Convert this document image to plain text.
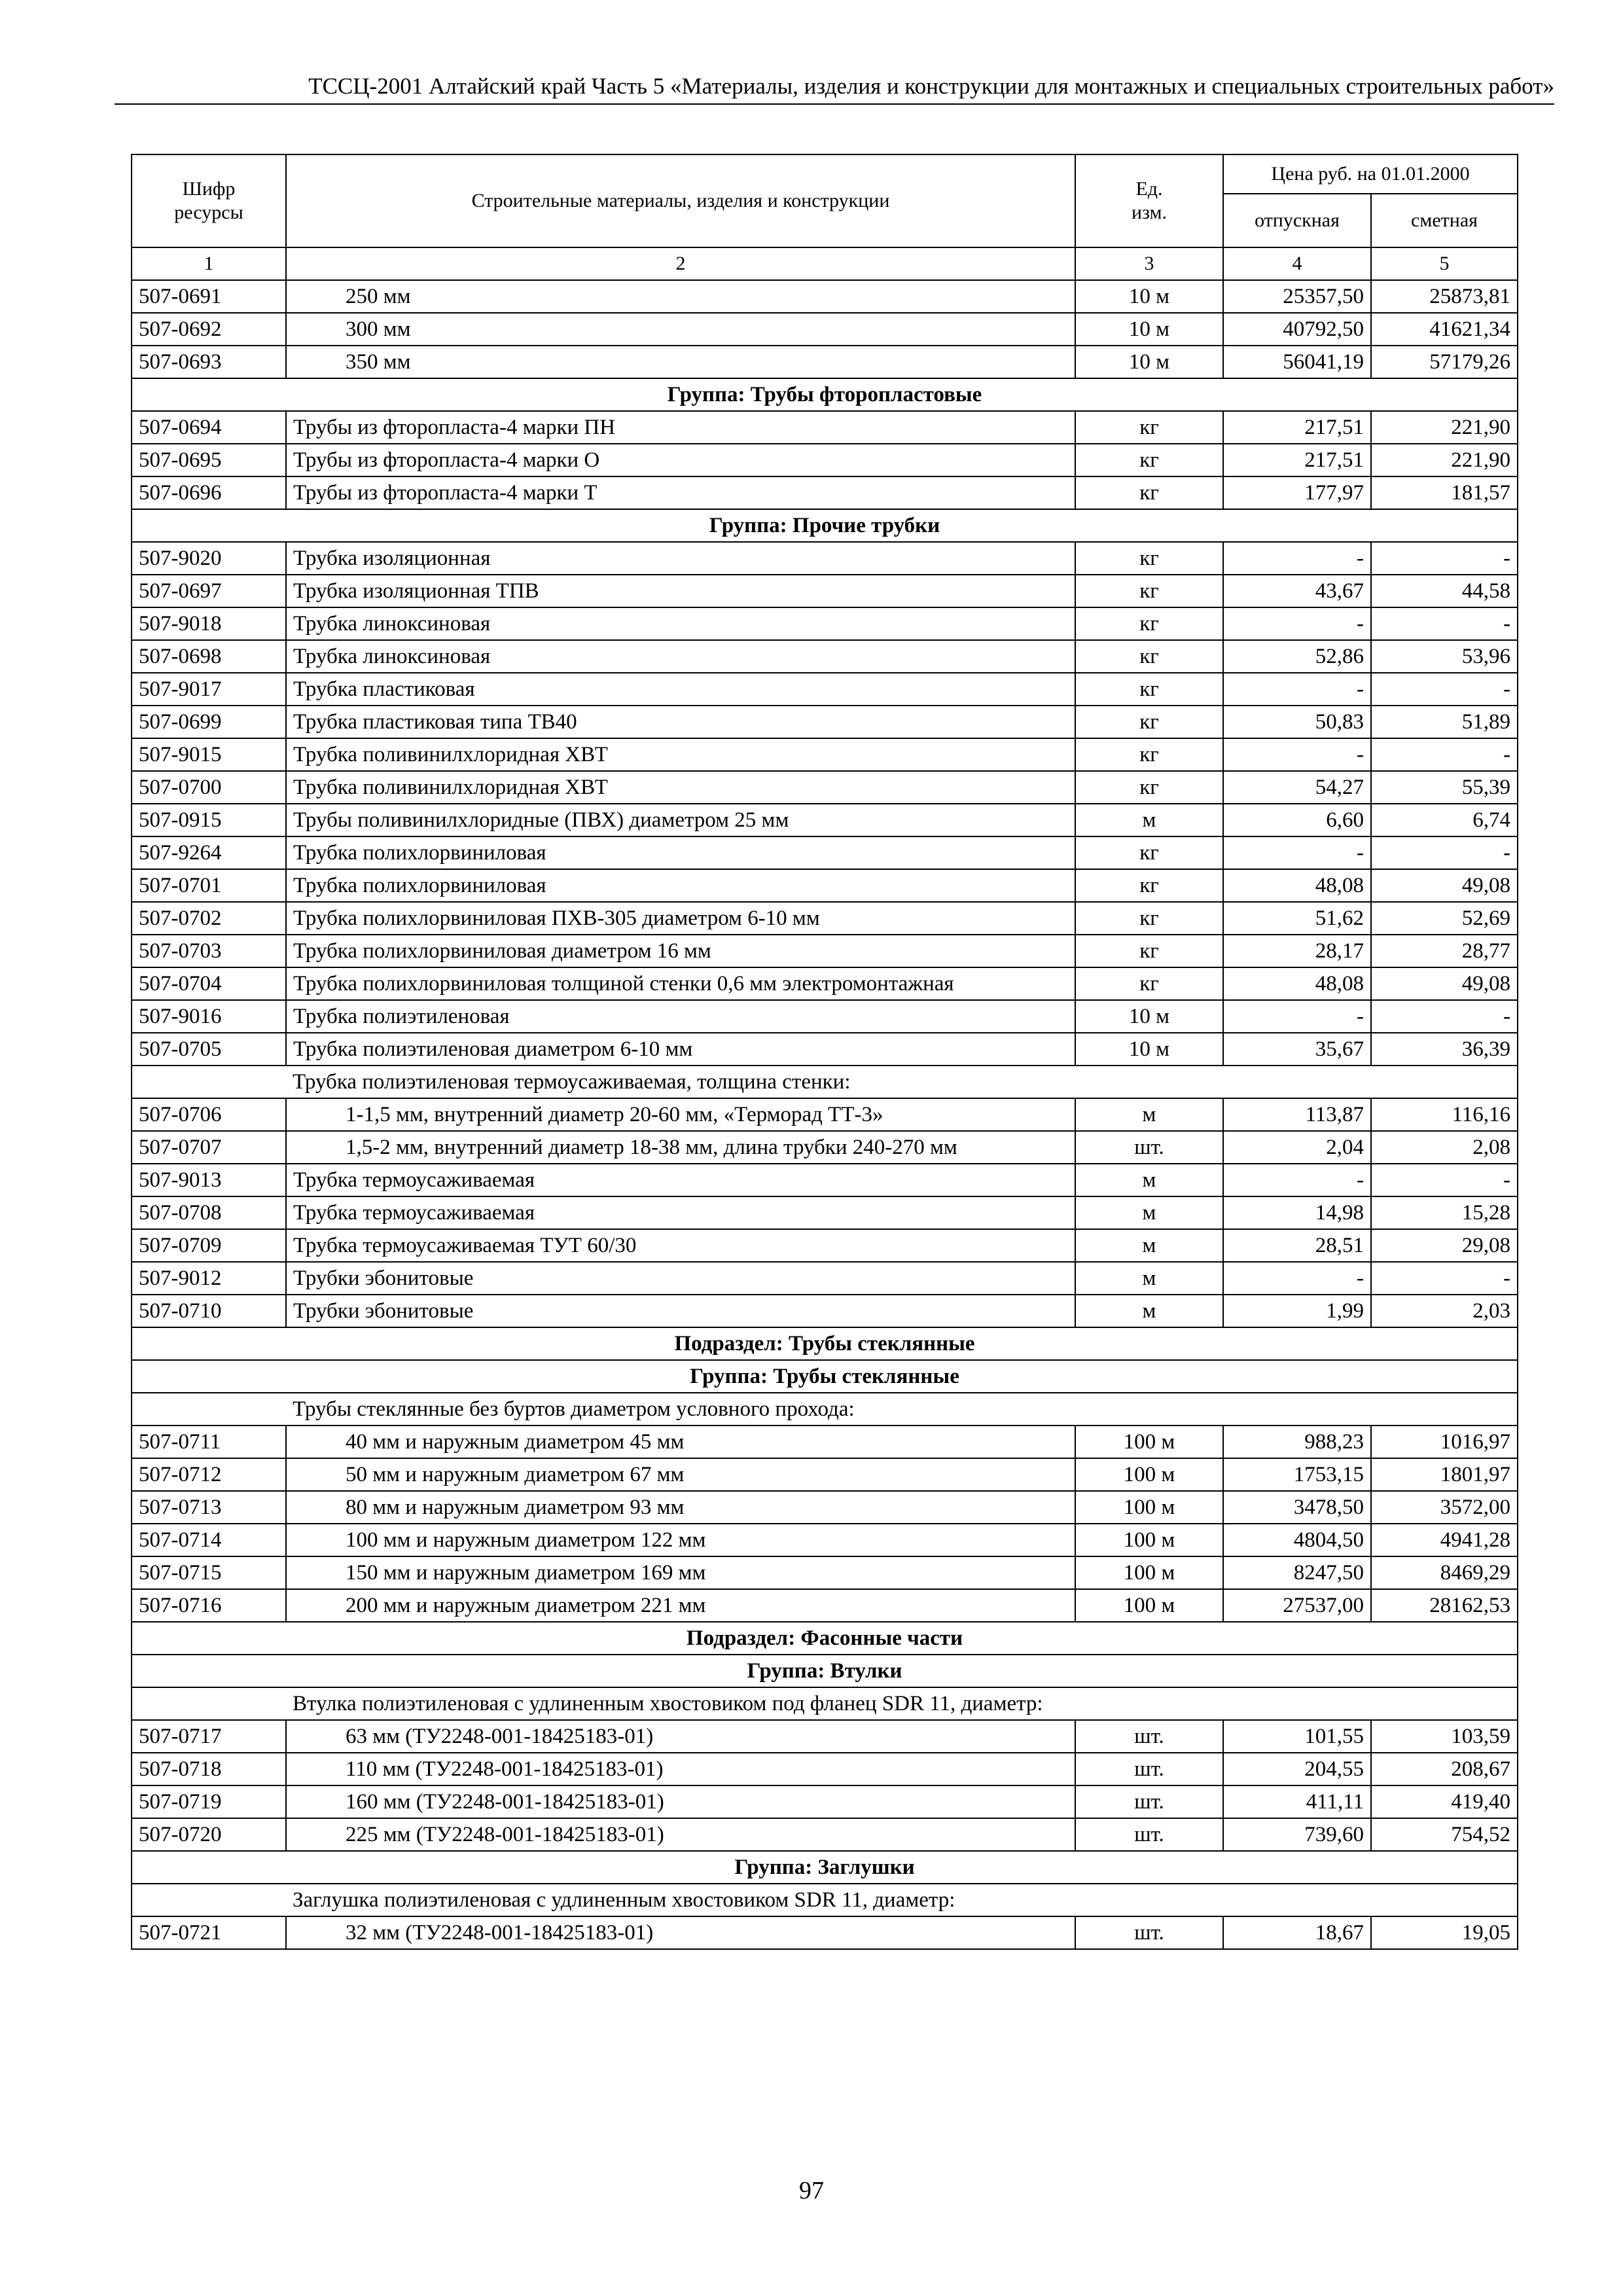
ТССЦ-2001 Алтайский край Часть 5 «Материалы, изделия и конструкции для монтажных и специальных строительных работ»
Шифр ресурсы	Строительные материалы, изделия и конструкции	Ед. изм.	Цена руб. на 01.01.2000	
			отпускная	сметная
1	2	3	4	5
507-0691	250 мм	10 м	25357,50	25873,81
507-0692	300 мм	10 м	40792,50	41621,34
507-0693	350 мм	10 м	56041,19	57179,26
Группа: Трубы фторопластовые				
507-0694	Трубы из фторопласта-4 марки ПН	кг	217,51	221,90
507-0695	Трубы из фторопласта-4 марки О	кг	217,51	221,90
507-0696	Трубы из фторопласта-4 марки Т	кг	177,97	181,57
Группа: Прочие трубки				
507-9020	Трубка изоляционная	кг	-	-
507-0697	Трубка изоляционная ТПВ	кг	43,67	44,58
507-9018	Трубка линоксиновая	кг	-	-
507-0698	Трубка линоксиновая	кг	52,86	53,96
507-9017	Трубка пластиковая	кг	-	-
507-0699	Трубка пластиковая типа ТВ40	кг	50,83	51,89
507-9015	Трубка поливинилхлоридная ХВТ	кг	-	-
507-0700	Трубка поливинилхлоридная ХВТ	кг	54,27	55,39
507-0915	Трубы поливинилхлоридные (ПВХ) диаметром 25 мм	м	6,60	6,74
507-9264	Трубка полихлорвиниловая	кг	-	-
507-0701	Трубка полихлорвиниловая	кг	48,08	49,08
507-0702	Трубка полихлорвиниловая ПХВ-305 диаметром 6-10 мм	кг	51,62	52,69
507-0703	Трубка полихлорвиниловая диаметром 16 мм	кг	28,17	28,77
507-0704	Трубка полихлорвиниловая толщиной стенки 0,6 мм электромонтажная	кг	48,08	49,08
507-9016	Трубка полиэтиленовая	10 м	-	-
507-0705	Трубка полиэтиленовая диаметром 6-10 мм	10 м	35,67	36,39
	Трубка полиэтиленовая термоусаживаемая, толщина стенки:			
507-0706	1-1,5 мм, внутренний диаметр 20-60 мм, «Терморад ТТ-3»	м	113,87	116,16
507-0707	1,5-2 мм, внутренний диаметр 18-38 мм, длина трубки 240-270 мм	шт.	2,04	2,08
507-9013	Трубка термоусаживаемая	м	-	-
507-0708	Трубка термоусаживаемая	м	14,98	15,28
507-0709	Трубка термоусаживаемая ТУТ 60/30	м	28,51	29,08
507-9012	Трубки эбонитовые	м	-	-
507-0710	Трубки эбонитовые	м	1,99	2,03
Подраздел: Трубы стеклянные				
Группа: Трубы стеклянные				
	Трубы стеклянные без буртов диаметром условного прохода:			
507-0711	40 мм и наружным диаметром 45 мм	100 м	988,23	1016,97
507-0712	50 мм и наружным диаметром 67 мм	100 м	1753,15	1801,97
507-0713	80 мм и наружным диаметром 93 мм	100 м	3478,50	3572,00
507-0714	100 мм и наружным диаметром 122 мм	100 м	4804,50	4941,28
507-0715	150 мм и наружным диаметром 169 мм	100 м	8247,50	8469,29
507-0716	200 мм и наружным диаметром 221 мм	100 м	27537,00	28162,53
Подраздел: Фасонные части				
Группа: Втулки				
	Втулка полиэтиленовая с удлиненным хвостовиком под фланец SDR 11, диаметр:			
507-0717	63 мм (ТУ2248-001-18425183-01)	шт.	101,55	103,59
507-0718	110 мм (ТУ2248-001-18425183-01)	шт.	204,55	208,67
507-0719	160 мм (ТУ2248-001-18425183-01)	шт.	411,11	419,40
507-0720	225 мм (ТУ2248-001-18425183-01)	шт.	739,60	754,52
Группа: Заглушки				
	Заглушка полиэтиленовая с удлиненным хвостовиком SDR 11, диаметр:			
507-0721	32 мм (ТУ2248-001-18425183-01)	шт.	18,67	19,05
97
